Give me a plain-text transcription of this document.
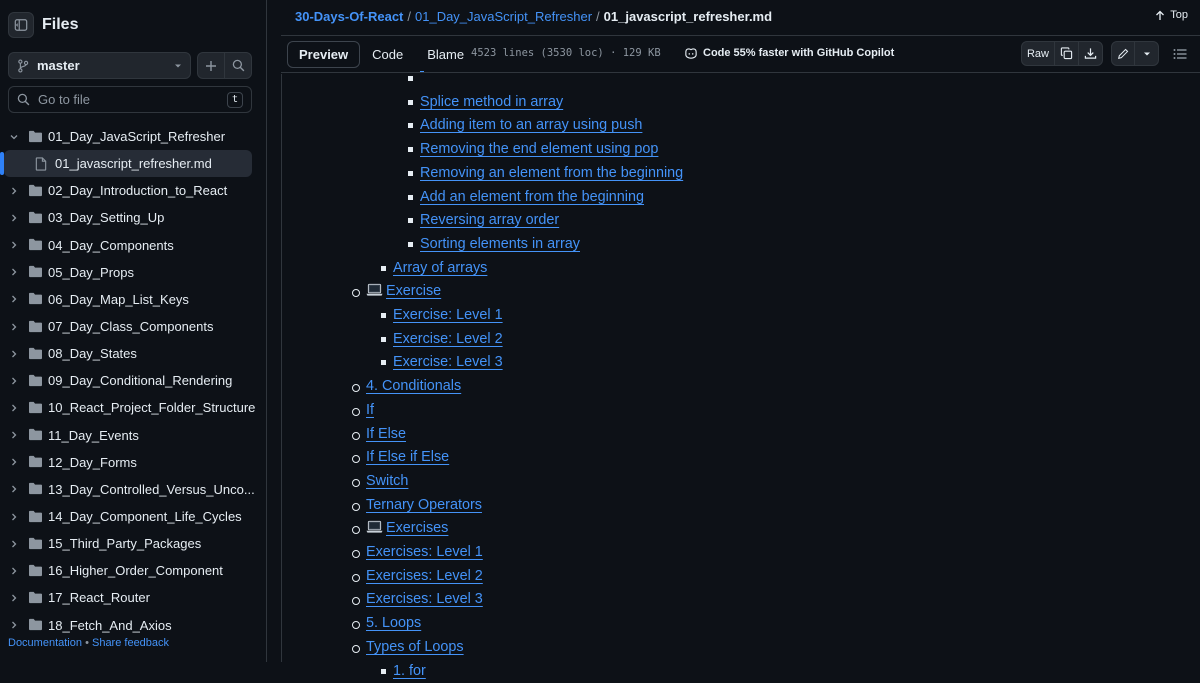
Files
master
Go to file
t
01_Day_JavaScript_Refresher
01_javascript_refresher.md
02_Day_Introduction_to_React
03_Day_Setting_Up
04_Day_Components
05_Day_Props
06_Day_Map_List_Keys
07_Day_Class_Components
08_Day_States
09_Day_Conditional_Rendering
10_React_Project_Folder_Structure
11_Day_Events
12_Day_Forms
13_Day_Controlled_Versus_Unco...
14_Day_Component_Life_Cycles
15_Third_Party_Packages
16_Higher_Order_Component
17_React_Router
18_Fetch_And_Axios
Documentation • Share feedback
30-Days-Of-React / 01_Day_JavaScript_Refresher / 01_javascript_refresher.md	Top
Preview	Code	Blame 4523 lines (3530 loc) · 129 KB	Code 55% faster with GitHub Copilot	Raw

Splice method in array
Adding item to an array using push
Removing the end element using pop
Removing an element from the beginning
Add an element from the beginning
Reversing array order
Sorting elements in array
Array of arrays
Exercise
Exercise: Level 1
Exercise: Level 2
Exercise: Level 3
4. Conditionals
If
If Else
If Else if Else
Switch
Ternary Operators
Exercises
Exercises: Level 1
Exercises: Level 2
Exercises: Level 3
5. Loops
Types of Loops
1. for
